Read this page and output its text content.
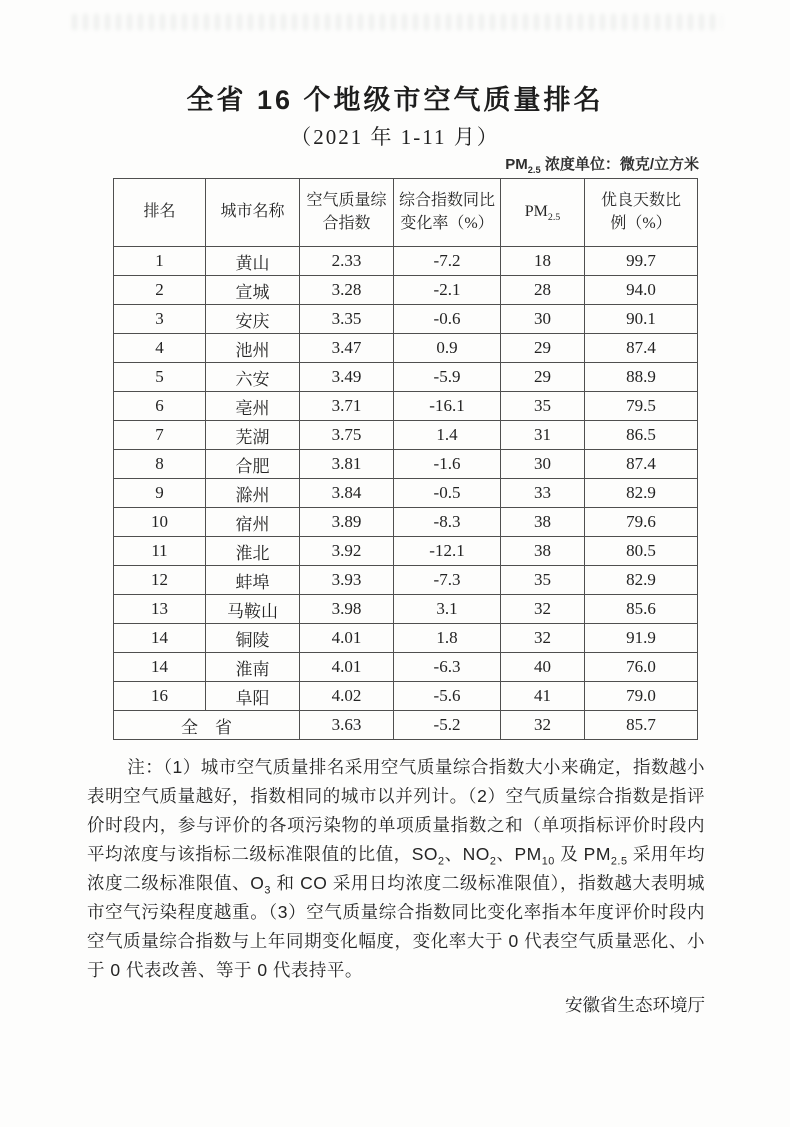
全省 16 个地级市空气质量排名
（2021 年 1-11 月）
$PM_{2.5}$ 浓度单位：微克/立方米
排名	城市名称	空气质量综合指数	综合指数同比变化率（%）	$PM_{2.5}$	优良天数比例（%）
1	黄山	2.33	-7.2	18	99.7
2	宣城	3.28	-2.1	28	94.0
3	安庆	3.35	-0.6	30	90.1
4	池州	3.47	0.9	29	87.4
5	六安	3.49	-5.9	29	88.9
6	亳州	3.71	-16.1	35	79.5
7	芜湖	3.75	1.4	31	86.5
8	合肥	3.81	-1.6	30	87.4
9	滁州	3.84	-0.5	33	82.9
10	宿州	3.89	-8.3	38	79.6
11	淮北	3.92	-12.1	38	80.5
12	蚌埠	3.93	-7.3	35	82.9
13	马鞍山	3.98	3.1	32	85.6
14	铜陵	4.01	1.8	32	91.9
14	淮南	4.01	-6.3	40	76.0
16	阜阳	4.02	-5.6	41	79.0
全　省		3.63	-5.2	32	85.7

注：（1）城市空气质量排名采用空气质量综合指数大小来确定，指数越小表明空气质量越好，指数相同的城市以并列计。（2）空气质量综合指数是指评价时段内，参与评价的各项污染物的单项质量指数之和（单项指标评价时段内平均浓度与该指标二级标准限值的比值，$SO_2$、$NO_2$、$PM_{10}$ 及 $PM_{2.5}$ 采用年均浓度二级标准限值、$O_3$ 和 CO 采用日均浓度二级标准限值），指数越大表明城市空气污染程度越重。（3）空气质量综合指数同比变化率指本年度评价时段内空气质量综合指数与上年同期变化幅度，变化率大于 0 代表空气质量恶化、小于 0 代表改善、等于 0 代表持平。

安徽省生态环境厅
